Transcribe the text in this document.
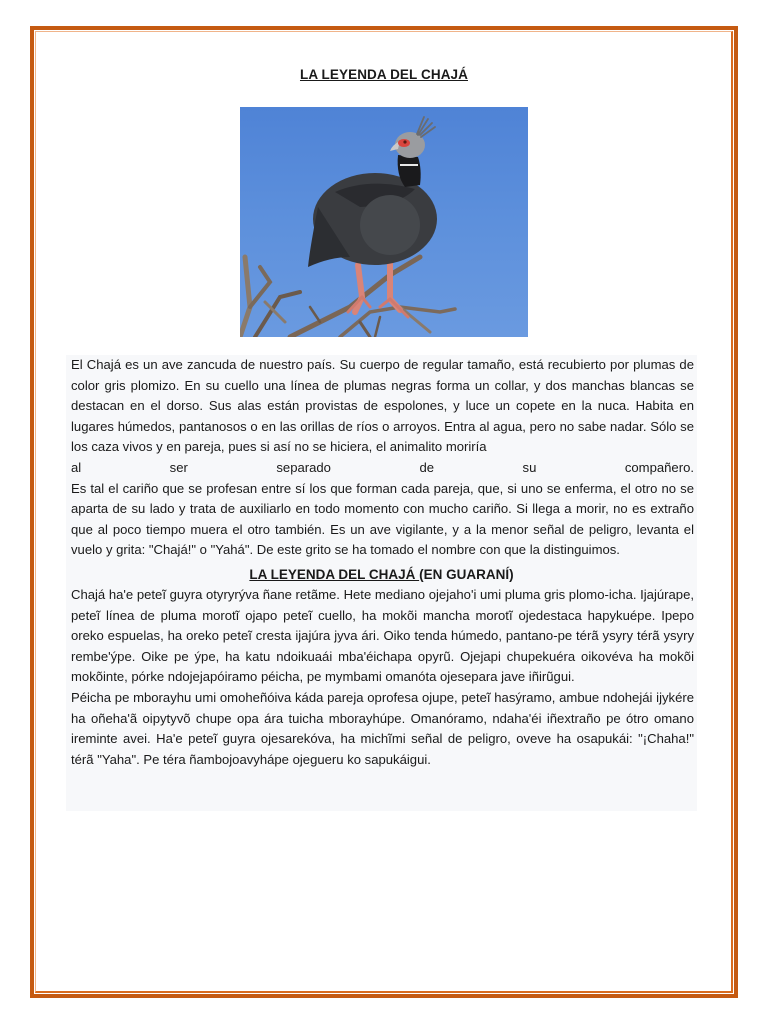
LA LEYENDA DEL CHAJÁ

El Chajá es un ave zancuda de nuestro país. Su cuerpo de regular tamaño, está recubierto por plumas de color gris plomizo. En su cuello una línea de plumas negras forma un collar, y dos manchas blancas se destacan en el dorso. Sus alas están provistas de espolones, y luce un copete en la nuca. Habita en lugares húmedos, pantanosos o en las orillas de ríos o arroyos. Entra al agua, pero no sabe nadar. Sólo se los caza vivos y en pareja, pues si así no se hiciera, el animalito moriría

al ser separado de su compañero.

Es tal el cariño que se profesan entre sí los que forman cada pareja, que, si uno se enferma, el otro no se aparta de su lado y trata de auxiliarlo en todo momento con mucho cariño. Si llega a morir, no es extraño que al poco tiempo muera el otro también. Es un ave vigilante, y a la menor señal de peligro, levanta el vuelo y grita: "Chajá!" o "Yahá". De este grito se ha tomado el nombre con que la distinguimos.

LA LEYENDA DEL CHAJÁ (EN GUARANÍ)

Chajá ha'e peteĩ guyra otyryrýva ñane retãme. Hete mediano ojejaho'i umi pluma gris plomo-icha. Ijajúrape, peteĩ línea de pluma morotĩ ojapo peteĩ cuello, ha mokõi mancha morotĩ ojedestaca hapykuépe. Ipepo oreko espuelas, ha oreko peteĩ cresta ijajúra jyva ári. Oiko tenda húmedo, pantano-pe térã ysyry térã ysyry rembe'ýpe. Oike pe ýpe, ha katu ndoikuaái mba'éichapa opyrũ. Ojejapi chupekuéra oikovéva ha mokõi mokõinte, pórke ndojejapóiramo péicha, pe mymbami omanóta ojesepara jave iñirũgui.

Péicha pe mborayhu umi omoheñóiva káda pareja oprofesa ojupe, peteĩ hasýramo, ambue ndohejái ijykére ha oñeha'ã oipytyvõ chupe opa ára tuicha mborayhúpe. Omanóramo, ndaha'éi iñextraño pe ótro omano ireminte avei. Ha'e peteĩ guyra ojesarekóva, ha michĩmi señal de peligro, oveve ha osapukái: "¡Chaha!" térã "Yaha". Pe téra ñambojoavyhápe ojegueru ko sapukáigui.
